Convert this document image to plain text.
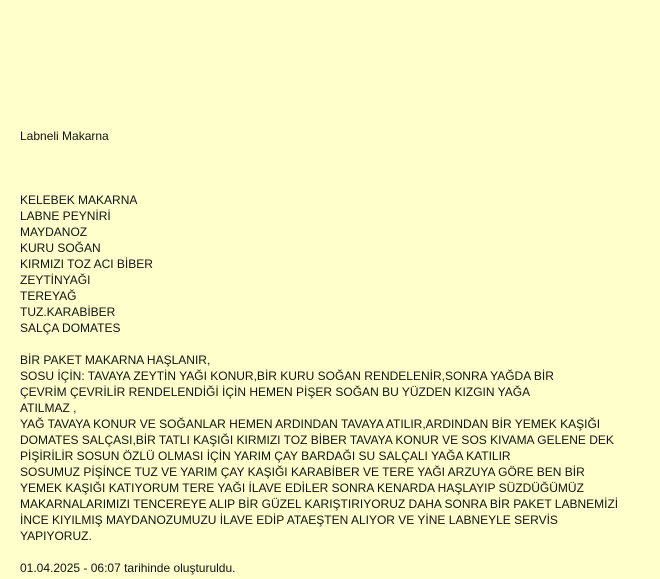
Labneli Makarna
KELEBEK MAKARNA
LABNE PEYNİRİ
MAYDANOZ
KURU SOĞAN
KIRMIZI TOZ ACI BİBER
ZEYTİNYAĞI
TEREYAĞ
TUZ.KARABİBER
SALÇA DOMATES
BİR PAKET MAKARNA HAŞLANIR,
SOSU İÇİN: TAVAYA ZEYTİN YAĞI KONUR,BİR KURU SOĞAN RENDELENİR,SONRA YAĞDA BİR
ÇEVRİM ÇEVRİLİR RENDELENDİĞİ İÇİN HEMEN PİŞER SOĞAN BU YÜZDEN KIZGIN YAĞA
ATILMAZ ,
YAĞ TAVAYA KONUR VE SOĞANLAR HEMEN ARDINDAN TAVAYA ATILIR,ARDINDAN BİR YEMEK KAŞIĞI
DOMATES SALÇASI,BİR TATLI KAŞIĞI KIRMIZI TOZ BİBER TAVAYA KONUR VE SOS KIVAMA GELENE DEK
PİŞİRİLİR SOSUN ÖZLÜ OLMASI İÇİN YARIM ÇAY BARDAĞI SU SALÇALI YAĞA KATILIR
SOSUMUZ PİŞİNCE TUZ VE YARIM ÇAY KAŞIĞI KARABİBER VE TERE YAĞI ARZUYA GÖRE BEN BİR
YEMEK KAŞIĞI KATIYORUM TERE YAĞI İLAVE EDİLER SONRA KENARDA HAŞLAYIP SÜZDÜĞÜMÜZ
MAKARNALARIMIZI TENCEREYE ALIP BİR GÜZEL KARIŞTIRIYORUZ DAHA SONRA BİR PAKET LABNEMİZİ
İNCE KIYILMIŞ MAYDANOZUMUZU İLAVE EDİP ATAEŞTEN ALIYOR VE YİNE LABNEYLE SERVİS
YAPIYORUZ.
01.04.2025 - 06:07 tarihinde oluşturuldu.
